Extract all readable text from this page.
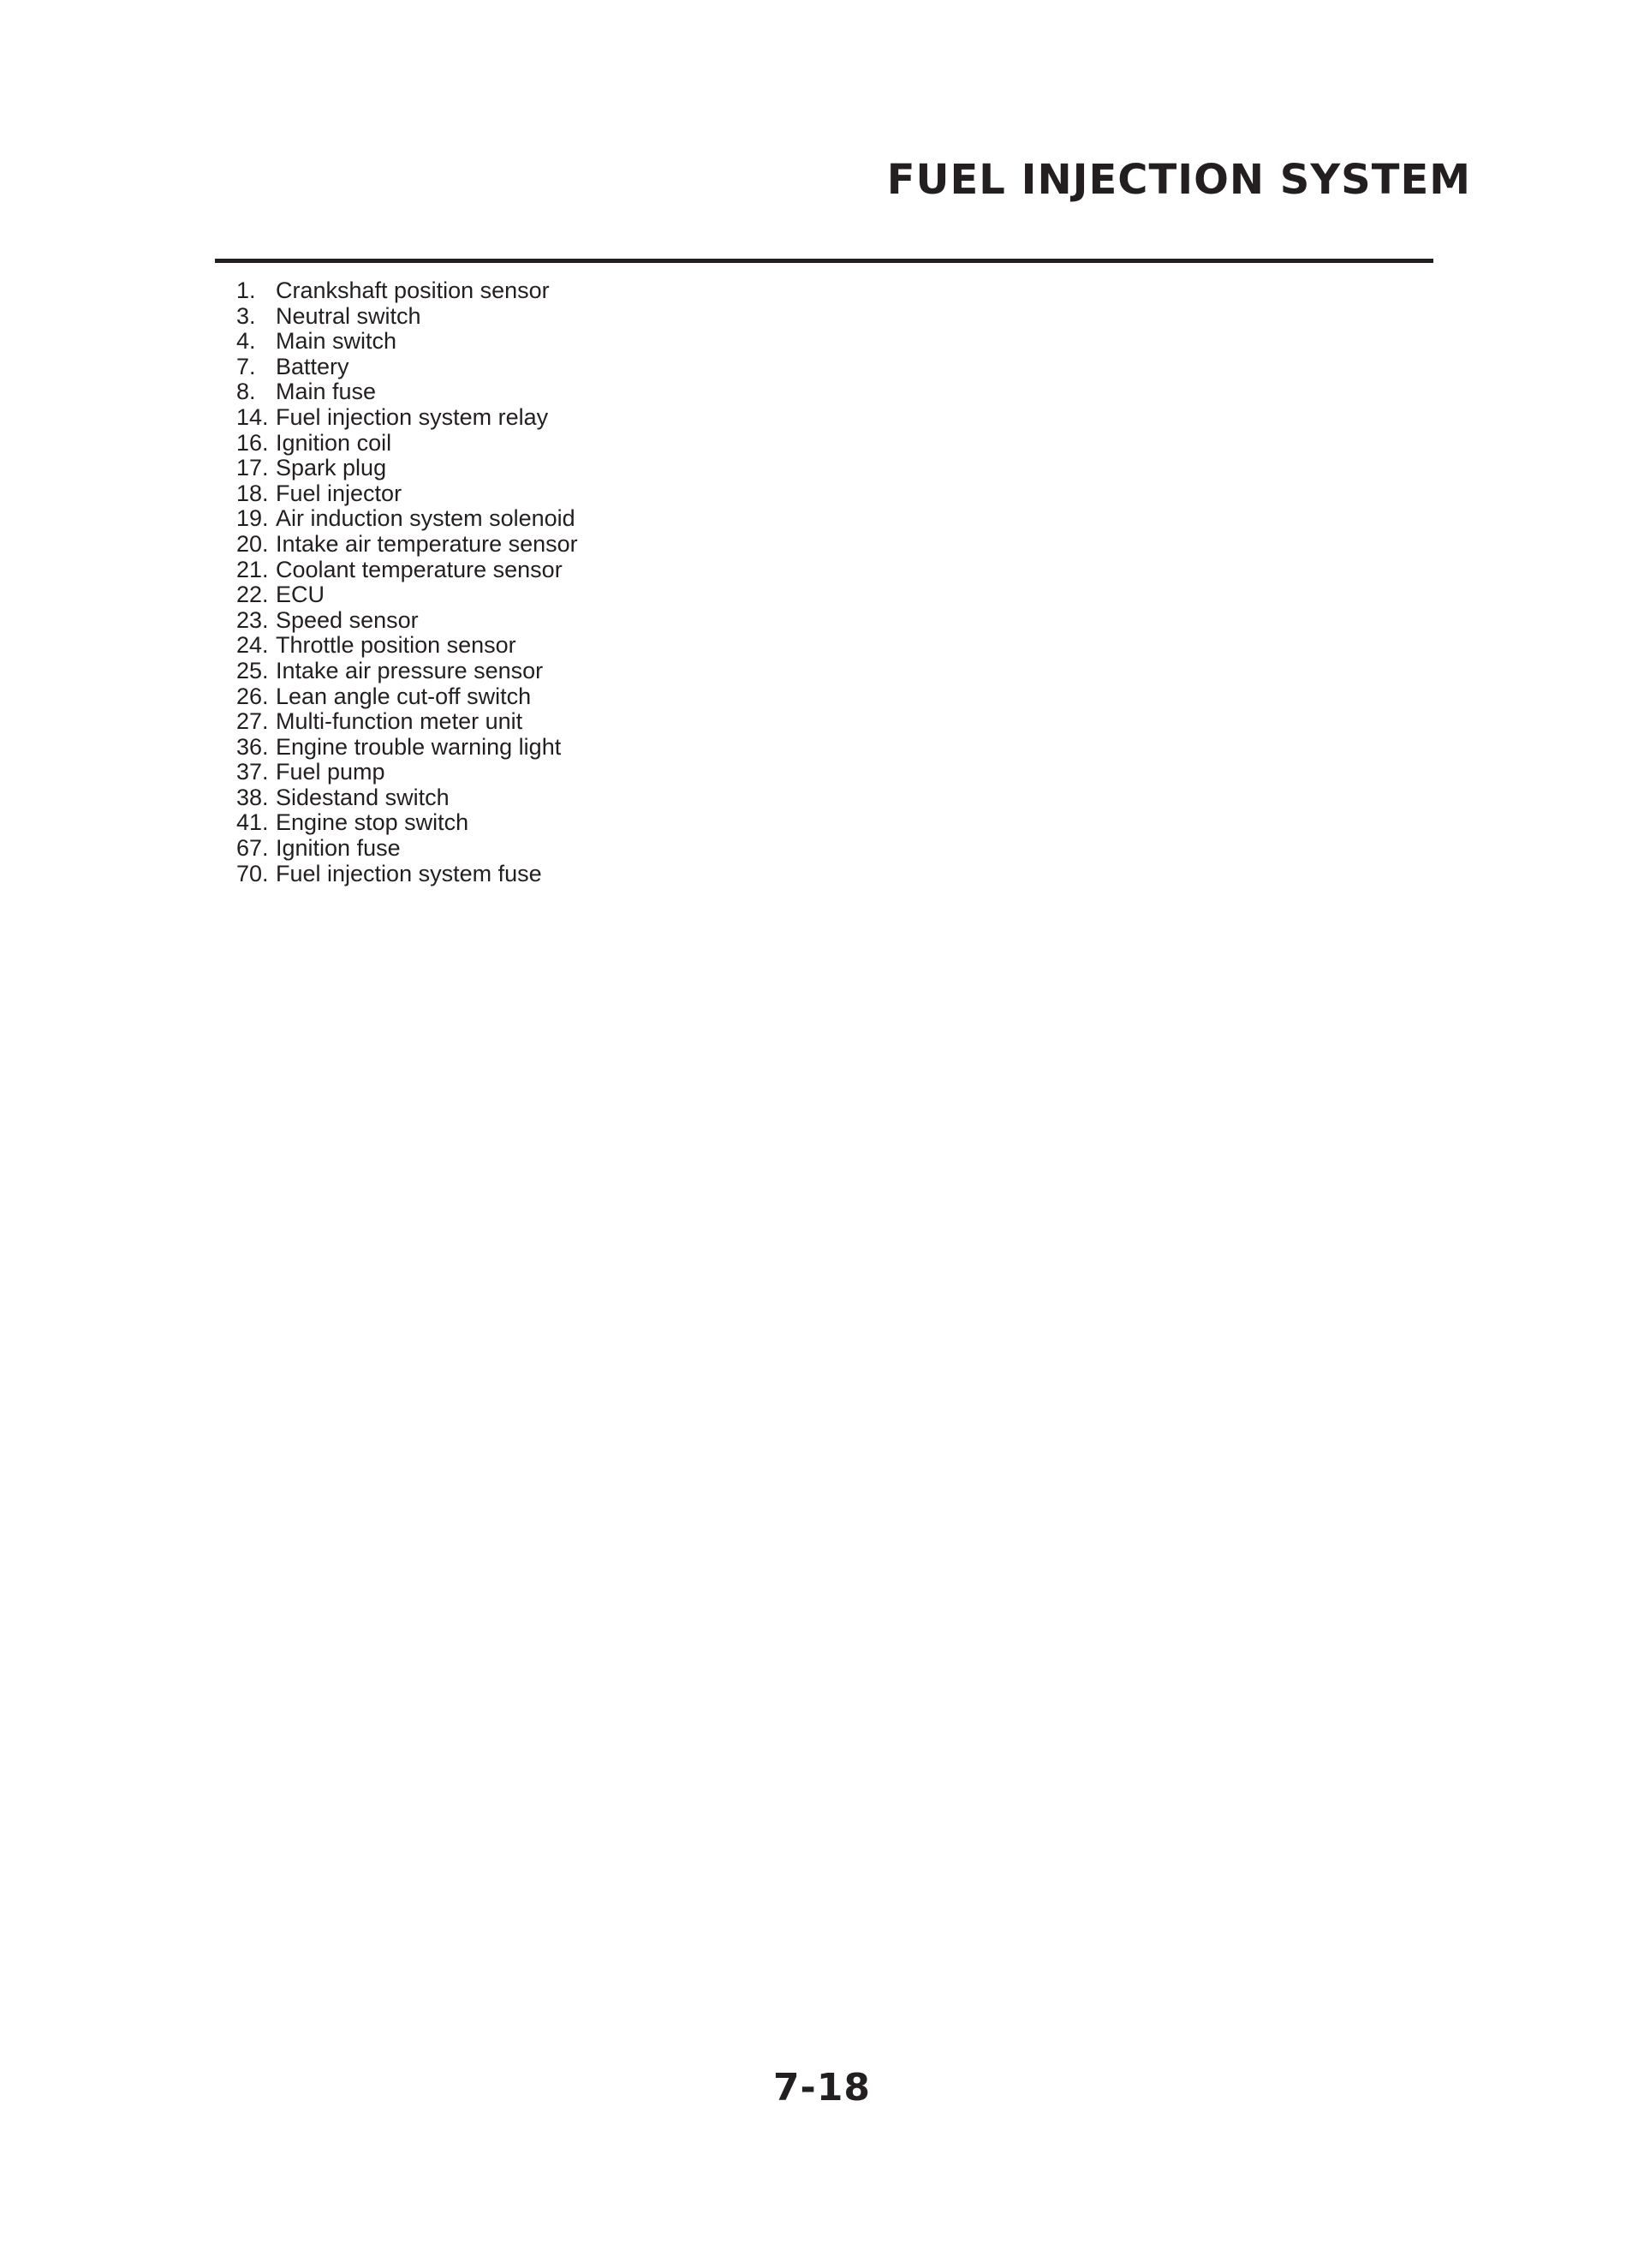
FUEL INJECTION SYSTEM
1. Crankshaft position sensor
3. Neutral switch
4. Main switch
7. Battery
8. Main fuse
14. Fuel injection system relay
16. Ignition coil
17. Spark plug
18. Fuel injector
19. Air induction system solenoid
20. Intake air temperature sensor
21. Coolant temperature sensor
22. ECU
23. Speed sensor
24. Throttle position sensor
25. Intake air pressure sensor
26. Lean angle cut-off switch
27. Multi-function meter unit
36. Engine trouble warning light
37. Fuel pump
38. Sidestand switch
41. Engine stop switch
67. Ignition fuse
70. Fuel injection system fuse

7-18
